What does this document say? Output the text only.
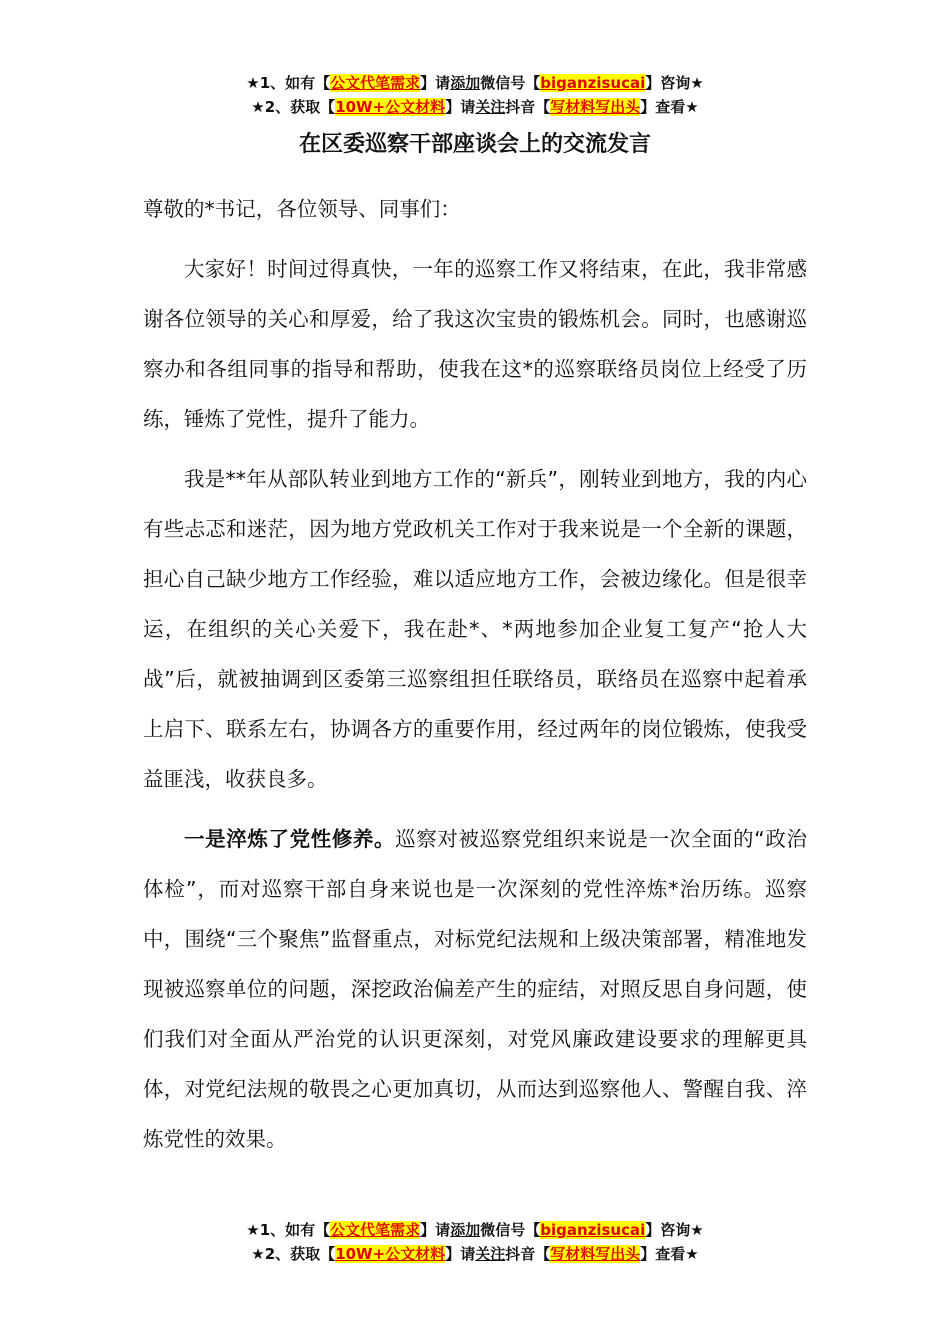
★1、如有【公文代笔需求】请添加微信号【biganzisucai】咨询★
★2、获取【10W+公文材料】请关注抖音【写材料写出头】查看★
在区委巡察干部座谈会上的交流发言

尊敬的*书记，各位领导、同事们：

大家好！时间过得真快，一年的巡察工作又将结束，在此，我非常感谢各位领导的关心和厚爱，给了我这次宝贵的锻炼机会。同时，也感谢巡察办和各组同事的指导和帮助，使我在这*的巡察联络员岗位上经受了历练，锤炼了党性，提升了能力。

我是**年从部队转业到地方工作的“新兵”，刚转业到地方，我的内心有些忐忑和迷茫，因为地方党政机关工作对于我来说是一个全新的课题，担心自己缺少地方工作经验，难以适应地方工作，会被边缘化。但是很幸运，在组织的关心关爱下，我在赴*、*两地参加企业复工复产“抢人大战”后，就被抽调到区委第三巡察组担任联络员，联络员在巡察中起着承上启下、联系左右，协调各方的重要作用，经过两年的岗位锻炼，使我受益匪浅，收获良多。

一是淬炼了党性修养。巡察对被巡察党组织来说是一次全面的“政治体检”，而对巡察干部自身来说也是一次深刻的党性淬炼*治历练。巡察中，围绕“三个聚焦”监督重点，对标党纪法规和上级决策部署，精准地发现被巡察单位的问题，深挖政治偏差产生的症结，对照反思自身问题，使们我们对全面从严治党的认识更深刻，对党风廉政建设要求的理解更具体，对党纪法规的敬畏之心更加真切，从而达到巡察他人、警醒自我、淬炼党性的效果。

★1、如有【公文代笔需求】请添加微信号【biganzisucai】咨询★
★2、获取【10W+公文材料】请关注抖音【写材料写出头】查看★
